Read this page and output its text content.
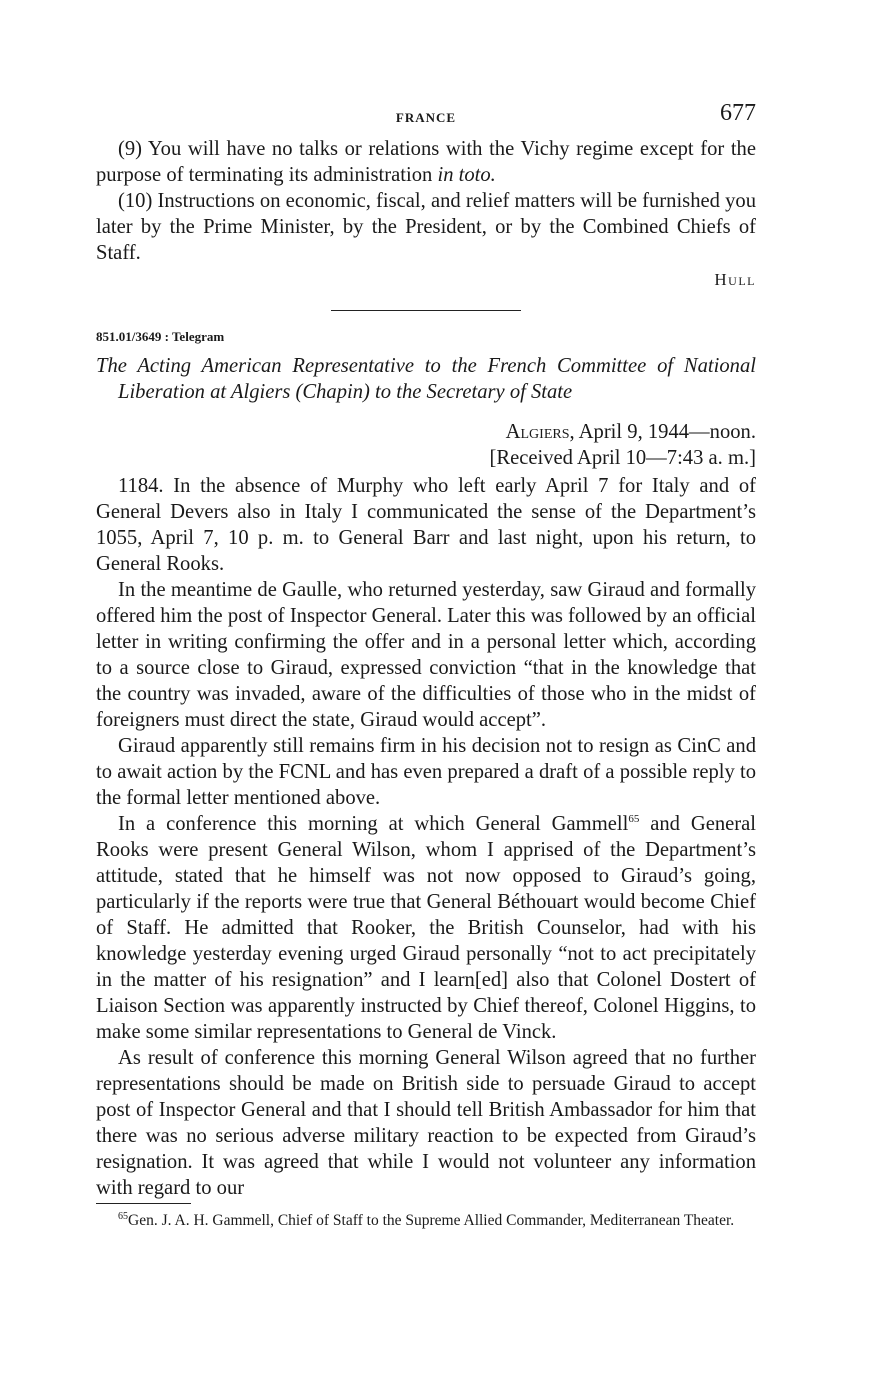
FRANCE	677

(9) You will have no talks or relations with the Vichy regime except for the purpose of terminating its administration in toto.

(10) Instructions on economic, fiscal, and relief matters will be furnished you later by the Prime Minister, by the President, or by the Combined Chiefs of Staff.

Hull
851.01/3649 : Telegram
The Acting American Representative to the French Committee of National Liberation at Algiers (Chapin) to the Secretary of State
Algiers, April 9, 1944—noon.
[Received April 10—7:43 a. m.]

1184. In the absence of Murphy who left early April 7 for Italy and of General Devers also in Italy I communicated the sense of the Department’s 1055, April 7, 10 p. m. to General Barr and last night, upon his return, to General Rooks.

In the meantime de Gaulle, who returned yesterday, saw Giraud and formally offered him the post of Inspector General. Later this was followed by an official letter in writing confirming the offer and in a personal letter which, according to a source close to Giraud, expressed conviction “that in the knowledge that the country was invaded, aware of the difficulties of those who in the midst of foreigners must direct the state, Giraud would accept”.

Giraud apparently still remains firm in his decision not to resign as CinC and to await action by the FCNL and has even prepared a draft of a possible reply to the formal letter mentioned above.

In a conference this morning at which General Gammell$^{65}$ and General Rooks were present General Wilson, whom I apprised of the Department’s attitude, stated that he himself was not now opposed to Giraud’s going, particularly if the reports were true that General Béthouart would become Chief of Staff. He admitted that Rooker, the British Counselor, had with his knowledge yesterday evening urged Giraud personally “not to act precipitately in the matter of his resignation” and I learn[ed] also that Colonel Dostert of Liaison Section was apparently instructed by Chief thereof, Colonel Higgins, to make some similar representations to General de Vinck.

As result of conference this morning General Wilson agreed that no further representations should be made on British side to persuade Giraud to accept post of Inspector General and that I should tell British Ambassador for him that there was no serious adverse military reaction to be expected from Giraud’s resignation. It was agreed that while I would not volunteer any information with regard to our

$^{65}$Gen. J. A. H. Gammell, Chief of Staff to the Supreme Allied Commander, Mediterranean Theater.
